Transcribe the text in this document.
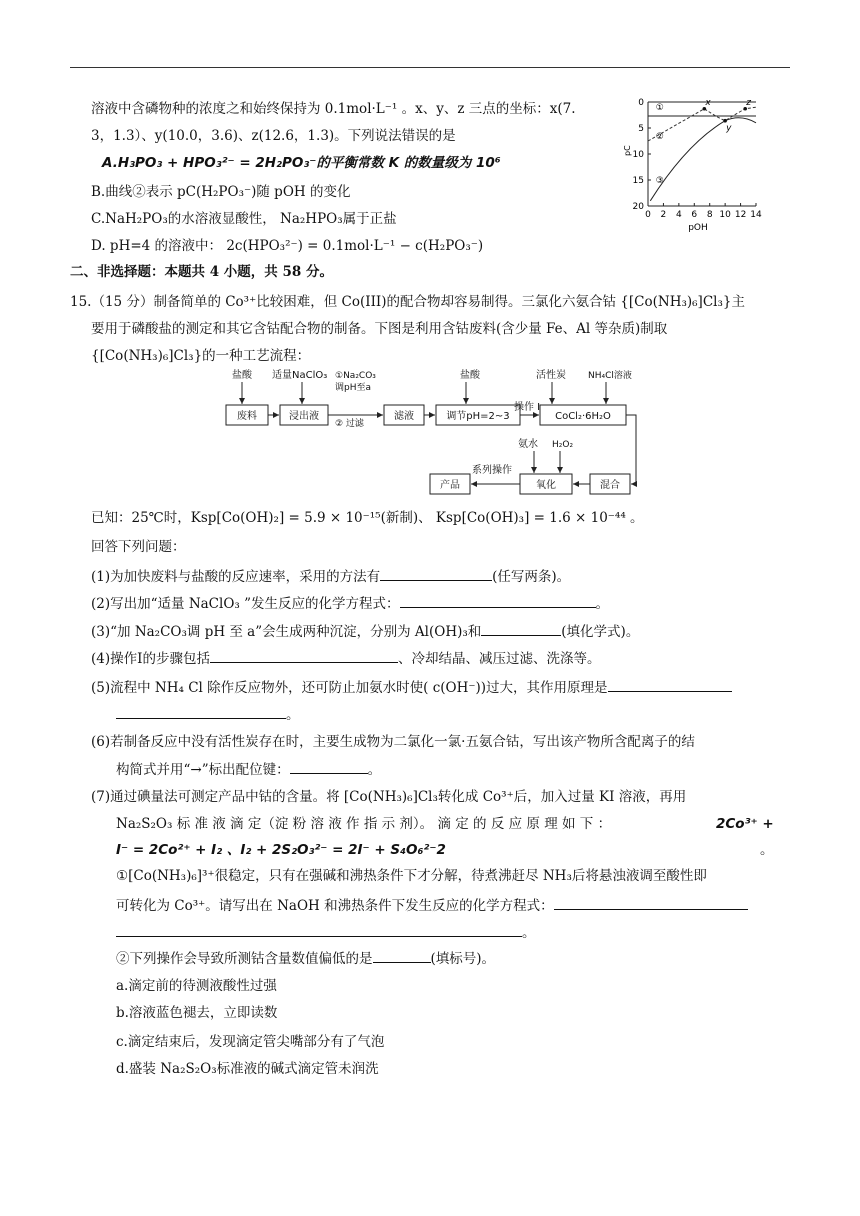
溶液中含磷物种的浓度之和始终保持为 0.1mol·L⁻¹ 。x、y、z 三点的坐标：x(7.
3，1.3）、y(10.0，3.6)、z(12.6，1.3)。下列说法错误的是
A.H₃PO₃ + HPO₃²⁻ = 2H₂PO₃⁻的平衡常数 K 的数量级为 10⁶
B.曲线②表示 pC(H₂PO₃⁻)随 pOH 的变化
C.NaH₂PO₃的水溶液显酸性， Na₂HPO₃属于正盐
D. pH=4 的溶液中： 2c(HPO₃²⁻) = 0.1mol·L⁻¹ − c(H₂PO₃⁻)
0
5
10
15
20
0 2 4 6 8 10 12 14
pC
pOH
①
②
③
x
y
z
二、非选择题：本题共 4 小题，共 58 分。
15.（15 分）制备简单的 Co³⁺比较困难，但 Co(III)的配合物却容易制得。三氯化六氨合钴 {[Co(NH₃)₆]Cl₃}主
要用于磷酸盐的测定和其它含钴配合物的制备。下图是利用含钴废料(含少量 Fe、Al 等杂质)制取
{[Co(NH₃)₆]Cl₃}的一种工艺流程：
盐酸 适量NaClO₃ ①Na₂CO₃
调pH至a
② 过滤
盐酸	活性炭 NH₄Cl溶液
氨水 H₂O₂
操作 I
系列操作
废料	浸出液	滤液	调节pH=2~3	CoCl₂·6H₂O
混合
氧化
产品
已知：25℃时，Ksp[Co(OH)₂] = 5.9 × 10⁻¹⁵(新制)、 Ksp[Co(OH)₃] = 1.6 × 10⁻⁴⁴ 。
回答下列问题：
(1)为加快废料与盐酸的反应速率，采用的方法有	(任写两条)。
(2)写出加“适量 NaClO₃ ”发生反应的化学方程式：	。
(3)“加 Na₂CO₃调 pH 至 a”会生成两种沉淀，分别为 Al(OH)₃和	(填化学式)。
(4)操作Ⅰ的步骤包括	、冷却结晶、减压过滤、洗涤等。
(5)流程中 NH₄ Cl 除作反应物外，还可防止加氨水时使( c(OH⁻))过大，其作用原理是
。
(6)若制备反应中没有活性炭存在时，主要生成物为二氯化一氯·五氨合钴，写出该产物所含配离子的结
构简式并用“→”标出配位键：	。
(7)通过碘量法可测定产品中钴的含量。将 [Co(NH₃)₆]Cl₃转化成 Co³⁺后，加入过量 KI 溶液，再用
Na₂S₂O₃ 标 准 液 滴 定（淀 粉 溶 液 作 指 示 剂）。 滴 定 的 反 应 原 理 如 下 ：	2Co³⁺ +
I⁻ = 2Co²⁺ + I₂ 、I₂ + 2S₂O₃²⁻ = 2I⁻ + S₄O₆²⁻2	。
①[Co(NH₃)₆]³⁺很稳定，只有在强碱和沸热条件下才分解，待煮沸赶尽 NH₃后将悬浊液调至酸性即
可转化为 Co³⁺。请写出在 NaOH 和沸热条件下发生反应的化学方程式：
。
②下列操作会导致所测钴含量数值偏低的是	(填标号)。
a.滴定前的待测液酸性过强
b.溶液蓝色褪去，立即读数
c.滴定结束后，发现滴定管尖嘴部分有了气泡
d.盛装 Na₂S₂O₃标准液的碱式滴定管未润洗
